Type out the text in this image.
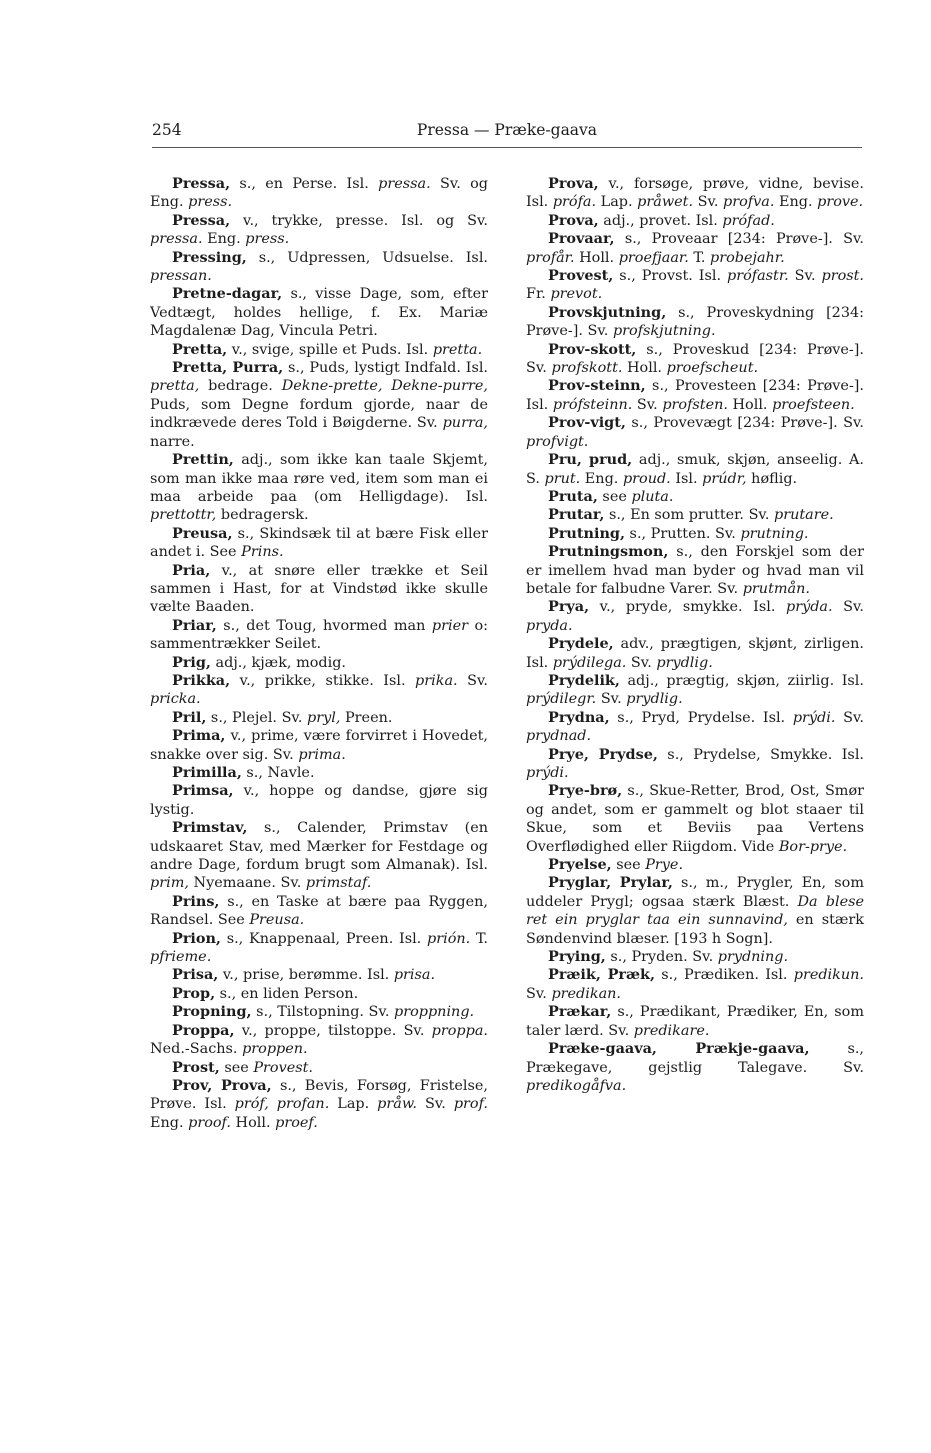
254	Pressa — Præke-gaava

Pressa, s., en Perse. Isl. pressa. Sv. og Eng. press.

Pressa, v., trykke, presse. Isl. og Sv. pressa. Eng. press.

Pressing, s., Udpressen, Udsuelse. Isl. pressan.

Pretne-dagar, s., visse Dage, som, efter Vedtægt, holdes hellige, f. Ex. Mariæ Magdalenæ Dag, Vincula Petri.

Pretta, v., svige, spille et Puds. Isl. pretta.

Pretta, Purra, s., Puds, lystigt Indfald. Isl. pretta, bedrage. Dekne-prette, Dekne-purre, Puds, som Degne fordum gjorde, naar de indkrævede deres Told i Bøigderne. Sv. purra, narre.

Prettin, adj., som ikke kan taale Skjemt, som man ikke maa røre ved, item som man ei maa arbeide paa (om Helligdage). Isl. prettottr, bedragersk.

Preusa, s., Skindsæk til at bære Fisk eller andet i. See Prins.

Pria, v., at snøre eller trække et Seil sammen i Hast, for at Vindstød ikke skulle vælte Baaden.

Priar, s., det Toug, hvormed man prier o: sammentrækker Seilet.

Prig, adj., kjæk, modig.

Prikka, v., prikke, stikke. Isl. prika. Sv. pricka.

Pril, s., Plejel. Sv. pryl, Preen.

Prima, v., prime, være forvirret i Hovedet, snakke over sig. Sv. prima.

Primilla, s., Navle.

Primsa, v., hoppe og dandse, gjøre sig lystig.

Primstav, s., Calender, Primstav (en udskaaret Stav, med Mærker for Festdage og andre Dage, fordum brugt som Almanak). Isl. prim, Nyemaane. Sv. primstaf.

Prins, s., en Taske at bære paa Ryggen, Randsel. See Preusa.

Prion, s., Knappenaal, Preen. Isl. prión. T. pfrieme.

Prisa, v., prise, berømme. Isl. prisa.

Prop, s., en liden Person.

Propning, s., Tilstopning. Sv. proppning.

Proppa, v., proppe, tilstoppe. Sv. proppa. Ned.-Sachs. proppen.

Prost, see Provest.

Prov, Prova, s., Bevis, Forsøg, Fristelse, Prøve. Isl. próf, profan. Lap. pråw. Sv. prof. Eng. proof. Holl. proef.

Prova, v., forsøge, prøve, vidne, bevise. Isl. prófa. Lap. pråwet. Sv. profva. Eng. prove.

Prova, adj., provet. Isl. prófad.

Provaar, s., Proveaar [234: Prøve-]. Sv. profår. Holl. proefjaar. T. probejahr.

Provest, s., Provst. Isl. prófastr. Sv. prost. Fr. prevot.

Provskjutning, s., Proveskydning [234: Prøve-]. Sv. profskjutning.

Prov-skott, s., Proveskud [234: Prøve-]. Sv. profskott. Holl. proefscheut.

Prov-steinn, s., Provesteen [234: Prøve-]. Isl. prófsteinn. Sv. profsten. Holl. proefsteen.

Prov-vigt, s., Provevægt [234: Prøve-]. Sv. profvigt.

Pru, prud, adj., smuk, skjøn, anseelig. A. S. prut. Eng. proud. Isl. prúdr, høflig.

Pruta, see pluta.

Prutar, s., En som prutter. Sv. prutare.

Prutning, s., Prutten. Sv. prutning.

Prutningsmon, s., den Forskjel som der er imellem hvad man byder og hvad man vil betale for falbudne Varer. Sv. prutmån.

Prya, v., pryde, smykke. Isl. prýda. Sv. pryda.

Prydele, adv., prægtigen, skjønt, zirligen. Isl. prýdilega. Sv. prydlig.

Prydelik, adj., prægtig, skjøn, ziirlig. Isl. prýdilegr. Sv. prydlig.

Prydna, s., Pryd, Prydelse. Isl. prýdi. Sv. prydnad.

Prye, Prydse, s., Prydelse, Smykke. Isl. prýdi.

Prye-brø, s., Skue-Retter, Brod, Ost, Smør og andet, som er gammelt og blot staaer til Skue, som et Beviis paa Vertens Overflødighed eller Riigdom. Vide Bor-prye.

Pryelse, see Prye.

Pryglar, Prylar, s., m., Prygler, En, som uddeler Prygl; ogsaa stærk Blæst. Da blese ret ein pryglar taa ein sunnavind, en stærk Søndenvind blæser. [193 h Sogn].

Prying, s., Pryden. Sv. prydning.

Præik, Præk, s., Prædiken. Isl. predikun. Sv. predikan.

Prækar, s., Prædikant, Prædiker, En, som taler lærd. Sv. predikare.

Præke-gaava, Prækje-gaava, s., Prækegave, gejstlig Talegave. Sv. predikogåfva.
